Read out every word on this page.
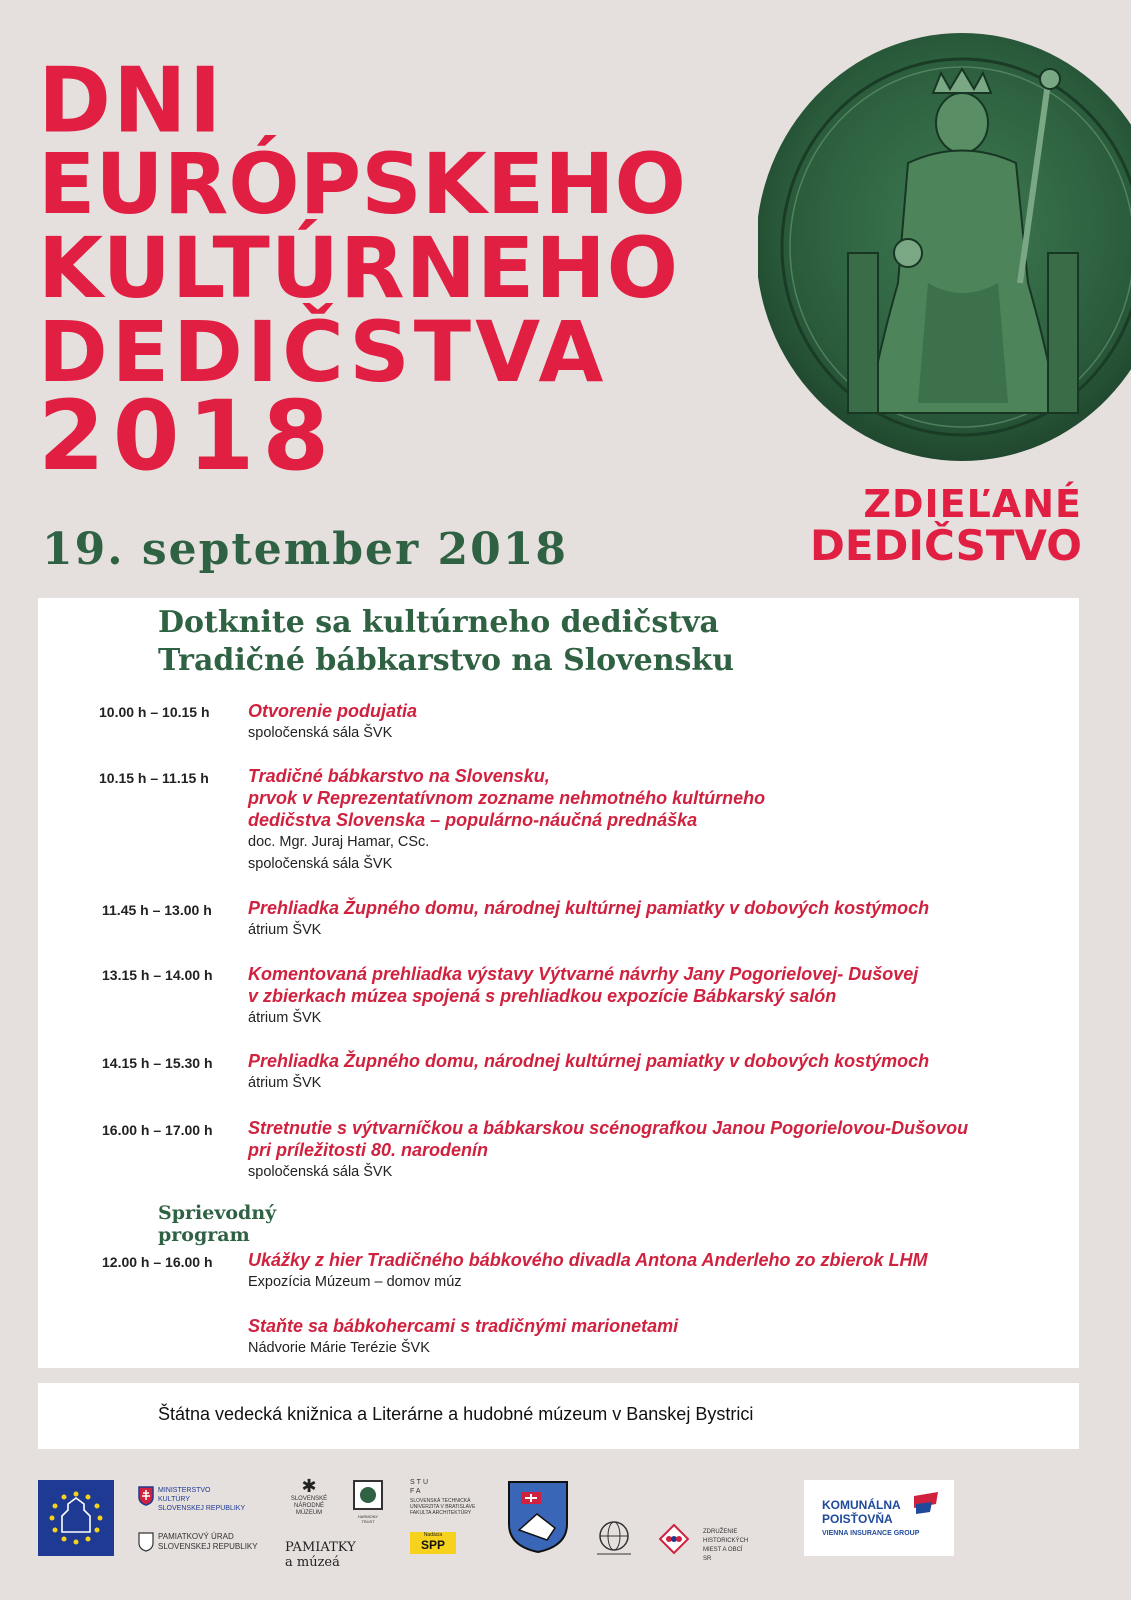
DNI
EURÓPSKEHO
KULTÚRNEHO
DEDIČSTVA
2018
ZDIEĽANÉ
DEDIČSTVO
19. september 2018
Dotknite sa kultúrneho dedičstva
Tradičné bábkarstvo na Slovensku
10.00 h – 10.15 h Otvorenie podujatia
spoločenská sála ŠVK
10.15 h – 11.15 h Tradičné bábkarstvo na Slovensku,
prvok v Reprezentatívnom zozname nehmotného kultúrneho
dedičstva Slovenska – populárno-náučná prednáška
doc. Mgr. Juraj Hamar, CSc.
spoločenská sála ŠVK
11.45 h – 13.00 h Prehliadka Župného domu, národnej kultúrnej pamiatky v dobových kostýmoch
átrium ŠVK
13.15 h – 14.00 h Komentovaná prehliadka výstavy Výtvarné návrhy Jany Pogorielovej- Dušovej
v zbierkach múzea spojená s prehliadkou expozície Bábkarský salón
átrium ŠVK
14.15 h – 15.30 h Prehliadka Župného domu, národnej kultúrnej pamiatky v dobových kostýmoch
átrium ŠVK
16.00 h – 17.00 h Stretnutie s výtvarníčkou a bábkarskou scénografkou Janou Pogorielovou-Dušovou
pri príležitosti 80. narodenín
spoločenská sála ŠVK
Sprievodný program
12.00 h – 16.00 h Ukážky z hier Tradičného bábkového divadla Antona Anderleho zo zbierok LHM
Expozícia Múzeum – domov múz
Staňte sa bábkohercami s tradičnými marionetami
Nádvorie Márie Terézie ŠVK
Štátna vedecká knižnica a Literárne a hudobné múzeum v Banskej Bystrici
MINISTERSTVO
KULTÚRY
SLOVENSKEJ REPUBLIKY
PAMIATKOVÝ ÚRAD
SLOVENSKEJ REPUBLIKY
✱
SLOVENSKÉ
NÁRODNÉ
MÚZEUM
HARMONY TRUST
PAMIATKY a múzeá
STU
FA
SLOVENSKÁ TECHNICKÁ
UNIVERZITA V BRATISLAVE
FAKULTA ARCHITEKTÚRY
Nadácia
SPP
ZDRUŽENIE HISTORICKÝCH
MIEST A OBCÍ SR
KOMUNÁLNA
POISŤOVŇA
VIENNA INSURANCE GROUP
